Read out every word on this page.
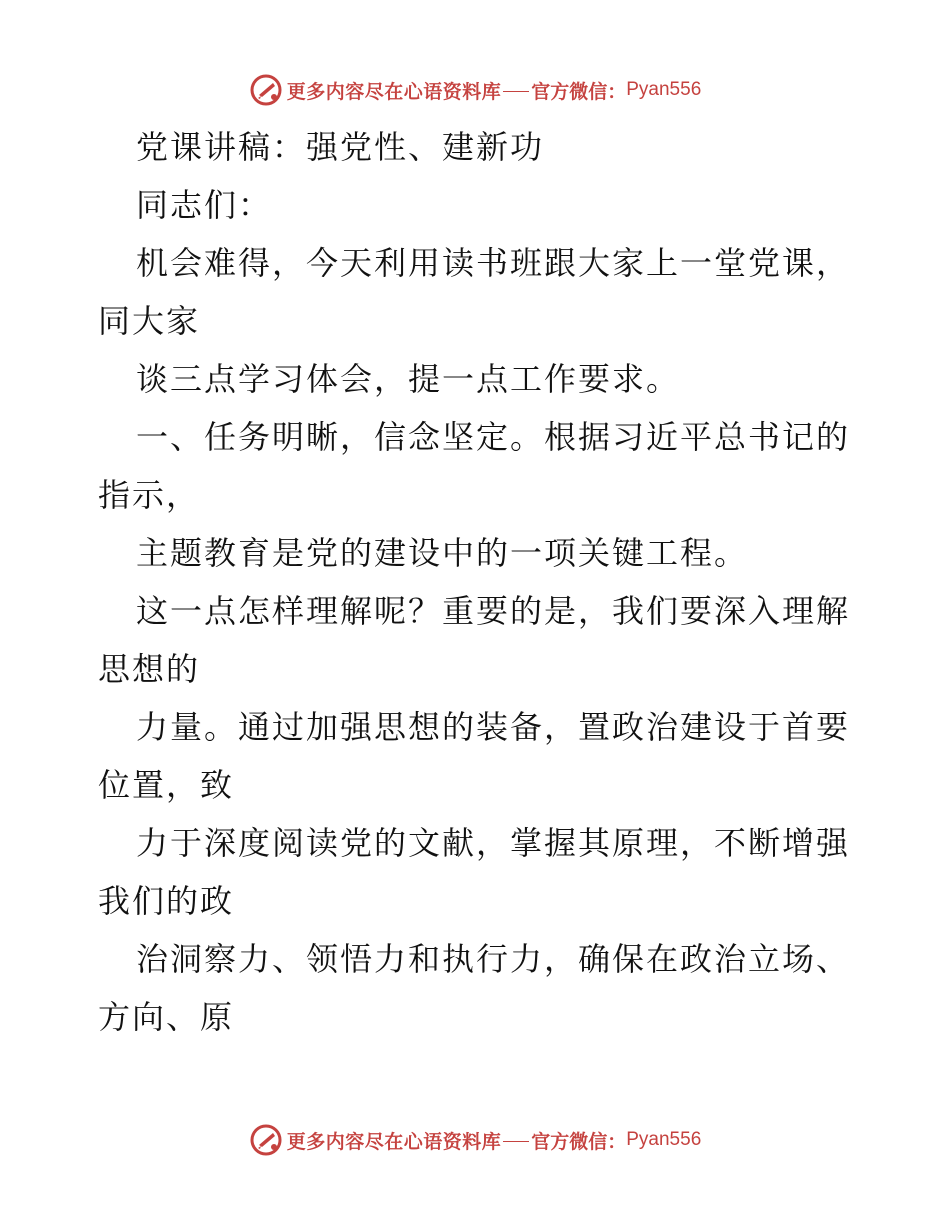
更多内容尽在心语资料库 官方微信： Pyan556
党课讲稿：强党性、建新功
同志们：
机会难得，今天利用读书班跟大家上一堂党课，
同大家
谈三点学习体会，提一点工作要求。
一、任务明晰，信念坚定。根据习近平总书记的
指示，
主题教育是党的建设中的一项关键工程。
这一点怎样理解呢？重要的是，我们要深入理解
思想的
力量。通过加强思想的装备，置政治建设于首要
位置，致
力于深度阅读党的文献，掌握其原理，不断增强
我们的政
治洞察力、领悟力和执行力，确保在政治立场、
方向、原
更多内容尽在心语资料库 官方微信： Pyan556
